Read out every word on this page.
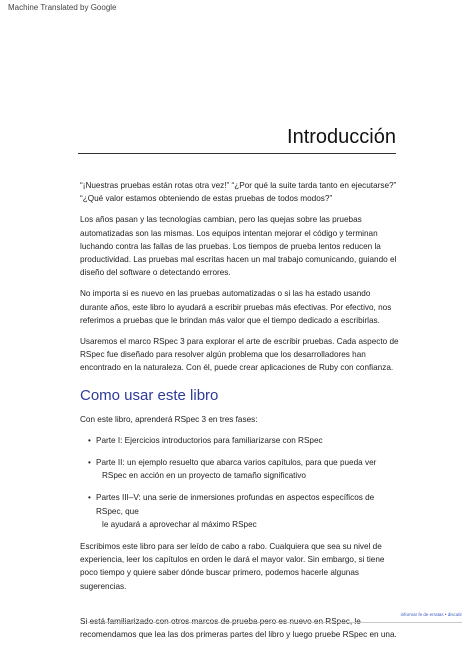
Machine Translated by Google
Introducción

“¡Nuestras pruebas están rotas otra vez!” “¿Por qué la suite tarda tanto en ejecutarse?” “¿Qué valor estamos obteniendo de estas pruebas de todos modos?”

Los años pasan y las tecnologías cambian, pero las quejas sobre las pruebas automatizadas son las mismas. Los equipos intentan mejorar el código y terminan luchando contra las fallas de las pruebas. Los tiempos de prueba lentos reducen la productividad. Las pruebas mal escritas hacen un mal trabajo comunicando, guiando el diseño del software o detectando errores.

No importa si es nuevo en las pruebas automatizadas o si las ha estado usando durante años, este libro lo ayudará a escribir pruebas más efectivas. Por efectivo, nos referimos a pruebas que le brindan más valor que el tiempo dedicado a escribirlas.

Usaremos el marco RSpec 3 para explorar el arte de escribir pruebas. Cada aspecto de RSpec fue diseñado para resolver algún problema que los desarrolladores han encontrado en la naturaleza. Con él, puede crear aplicaciones de Ruby con confianza.

Como usar este libro

Con este libro, aprenderá RSpec 3 en tres fases:

• Parte I: Ejercicios introductorios para familiarizarse con RSpec
• Parte II: un ejemplo resuelto que abarca varios capítulos, para que pueda ver
RSpec en acción en un proyecto de tamaño significativo
• Partes III–V: una serie de inmersiones profundas en aspectos específicos de RSpec, que
le ayudará a aprovechar al máximo RSpec

Escribimos este libro para ser leído de cabo a rabo. Cualquiera que sea su nivel de experiencia, leer los capítulos en orden le dará el mayor valor. Sin embargo, si tiene poco tiempo y quiere saber dónde buscar primero, podemos hacerle algunas sugerencias.

Si está familiarizado con otros marcos de prueba pero es nuevo en RSpec, le recomendamos que lea las dos primeras partes del libro y luego pruebe RSpec en una.

informar fe de erratas • discutir
